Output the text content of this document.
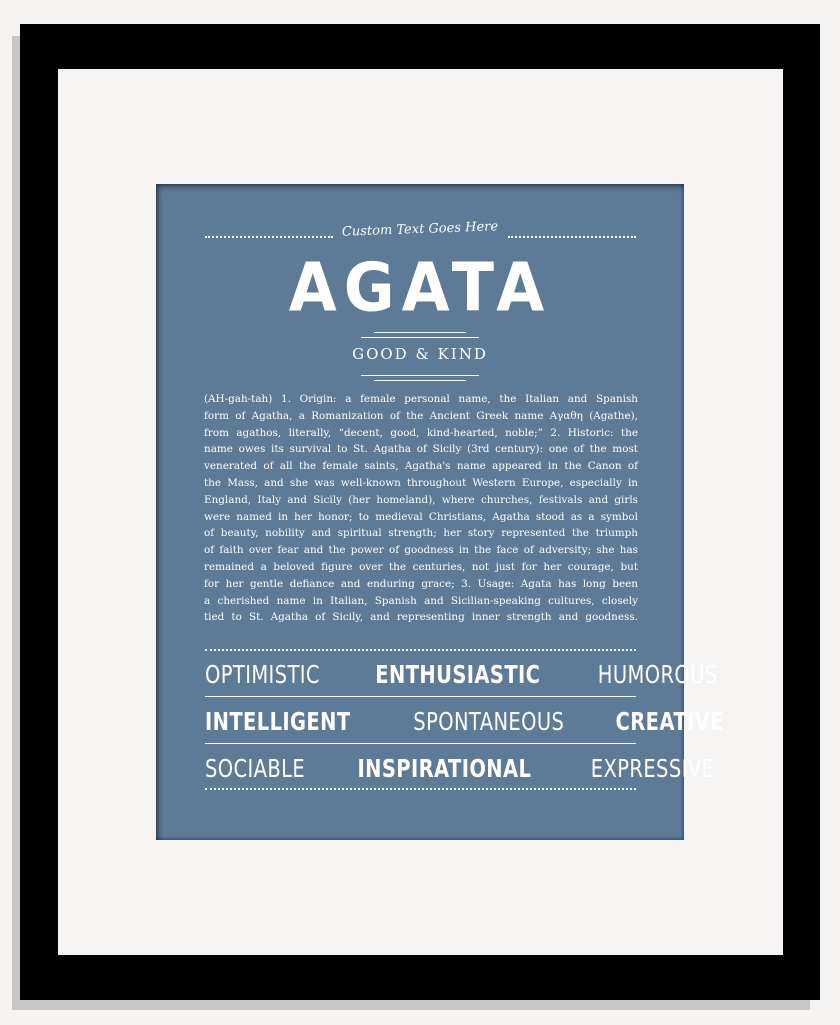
Custom Text Goes Here
AGATA
GOOD & KIND
(AH-gah-tah) 1. Origin: a female personal name, the Italian and Spanish
form of Agatha, a Romanization of the Ancient Greek name Αγαθη (Agathe),
from agathos, literally, “decent, good, kind-hearted, noble;” 2. Historic: the
name owes its survival to St. Agatha of Sicily (3rd century): one of the most
venerated of all the female saints, Agatha's name appeared in the Canon of
the Mass, and she was well-known throughout Western Europe, especially in
England, Italy and Sicily (her homeland), where churches, festivals and girls
were named in her honor; to medieval Christians, Agatha stood as a symbol
of beauty, nobility and spiritual strength; her story represented the triumph
of faith over fear and the power of goodness in the face of adversity; she has
remained a beloved figure over the centuries, not just for her courage, but
for her gentle defiance and enduring grace; 3. Usage: Agata has long been
a cherished name in Italian, Spanish and Sicilian-speaking cultures, closely
tied to St. Agatha of Sicily, and representing inner strength and goodness.
OPTIMISTIC ENTHUSIASTIC HUMOROUS
INTELLIGENT SPONTANEOUS CREATIVE
SOCIABLE INSPIRATIONAL EXPRESSIVE
